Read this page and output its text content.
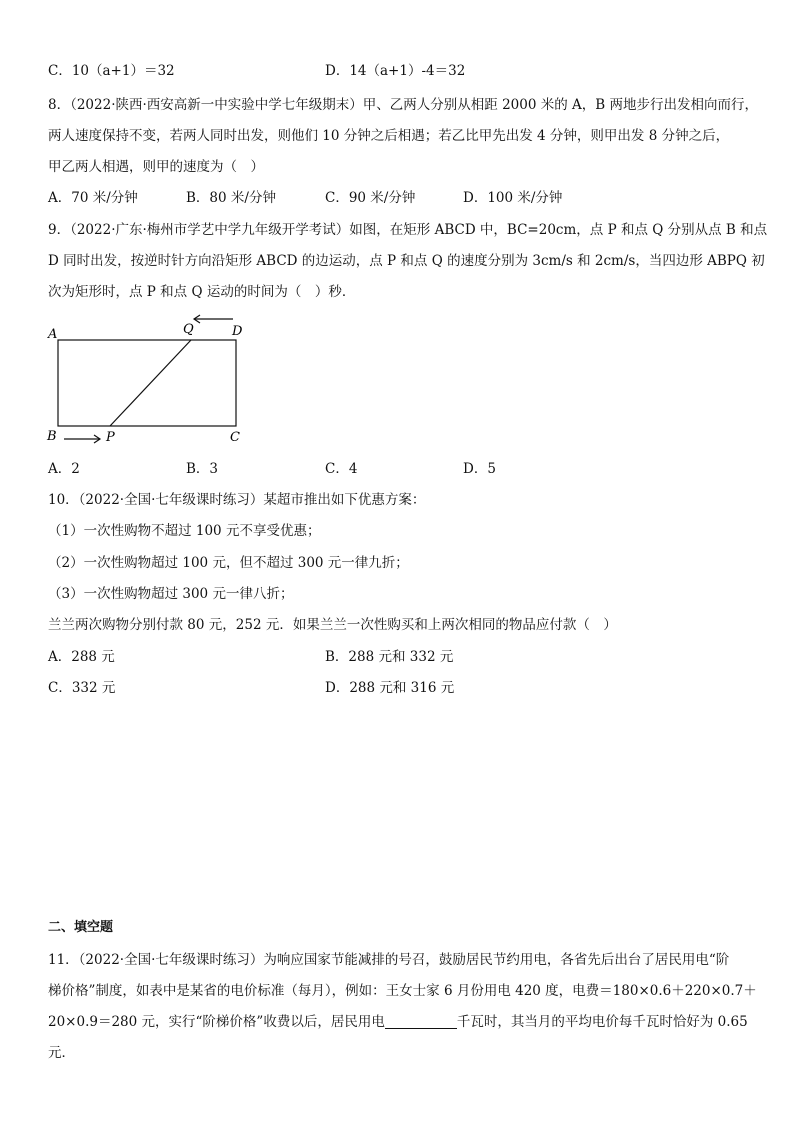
C．10（a+1）＝32	D．14（a+1）-4＝32
8．（2022·陕西·西安高新一中实验中学七年级期末）甲、乙两人分别从相距 2000 米的 A，B 两地步行出发相向而行，
两人速度保持不变，若两人同时出发，则他们 10 分钟之后相遇；若乙比甲先出发 4 分钟，则甲出发 8 分钟之后，
甲乙两人相遇，则甲的速度为（　）
A．70 米/分钟	B．80 米/分钟	C．90 米/分钟	D．100 米/分钟
9．（2022·广东·梅州市学艺中学九年级开学考试）如图，在矩形 ABCD 中，BC=20cm，点 P 和点 Q 分别从点 B 和点
D 同时出发，按逆时针方向沿矩形 ABCD 的边运动，点 P 和点 Q 的速度分别为 3cm/s 和 2cm/s，当四边形 ABPQ 初
次为矩形时，点 P 和点 Q 运动的时间为（　）秒．
A
B	C
D
P
Q
A．2	B．3	C．4	D．5
10．（2022·全国·七年级课时练习）某超市推出如下优惠方案：
（1）一次性购物不超过 100 元不享受优惠；
（2）一次性购物超过 100 元，但不超过 300 元一律九折；
（3）一次性购物超过 300 元一律八折；
兰兰两次购物分别付款 80 元，252 元．如果兰兰一次性购买和上两次相同的物品应付款（　）
A．288 元	B．288 元和 332 元
C．332 元	D．288 元和 316 元
二、填空题
11．（2022·全国·七年级课时练习）为响应国家节能减排的号召，鼓励居民节约用电，各省先后出台了居民用电“阶
梯价格”制度，如表中是某省的电价标准（每月），例如：王女士家 6 月份用电 420 度，电费＝180×0.6＋220×0.7＋
20×0.9＝280 元，实行“阶梯价格”收费以后，居民用电	千瓦时，其当月的平均电价每千瓦时恰好为 0.65
元．
